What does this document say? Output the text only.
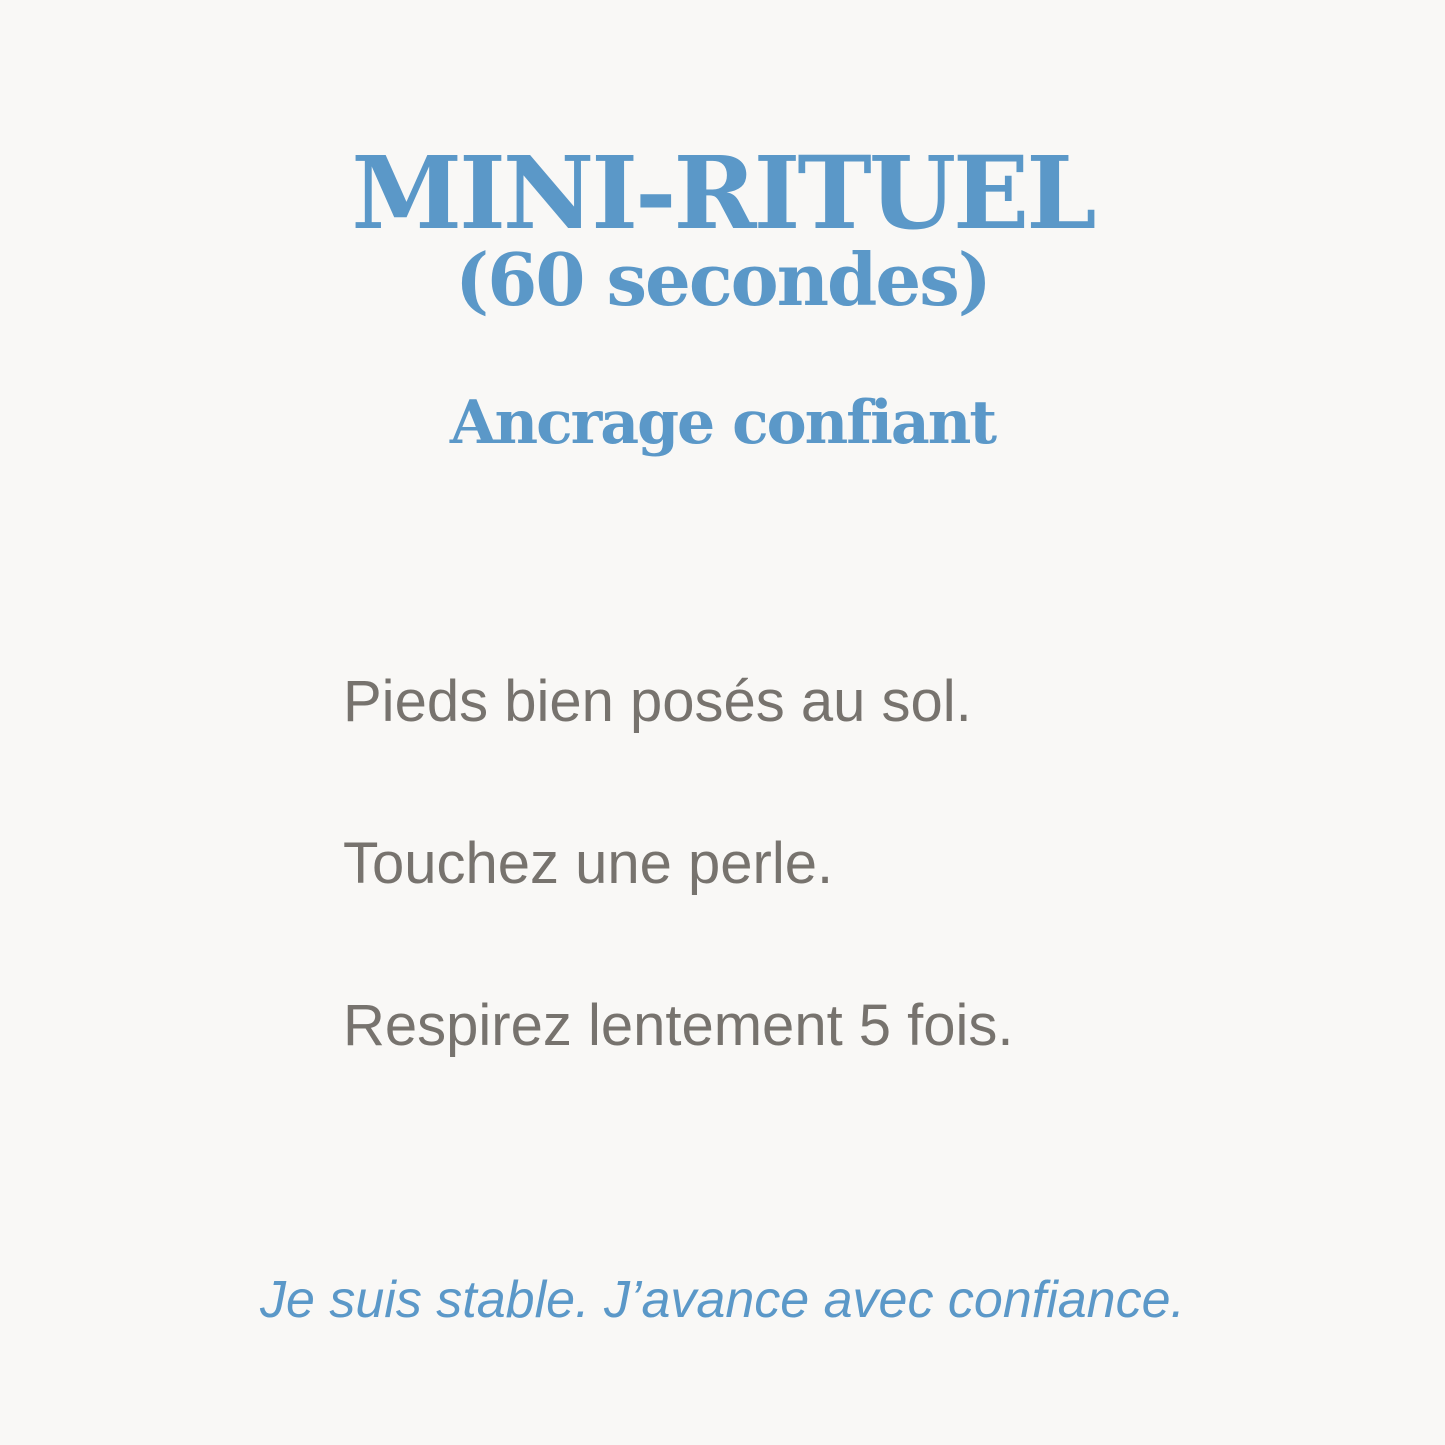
MINI-RITUEL
(60 secondes)
Ancrage confiant
Pieds bien posés au sol.
Touchez une perle.
Respirez lentement 5 fois.
Je suis stable. J’avance avec confiance.
